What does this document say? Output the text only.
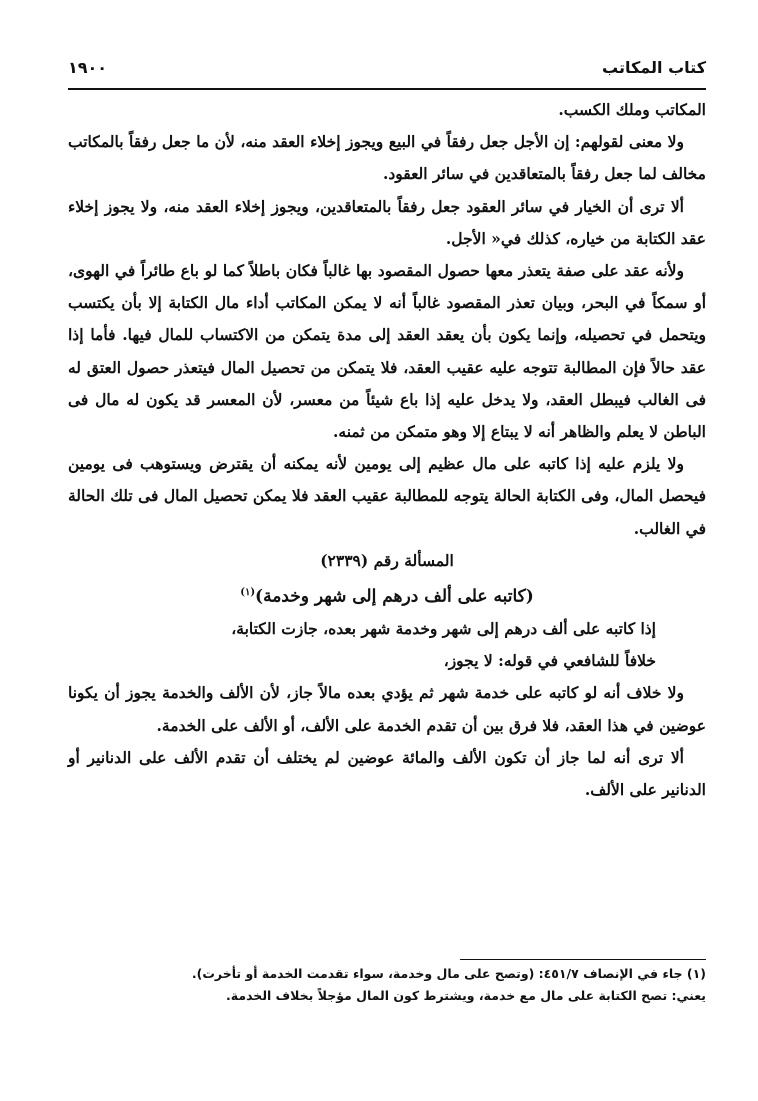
كتاب المكاتب
١٩٠٠

المكاتب وملك الكسب.

ولا معنى لقولهم: إن الأجل جعل رفقاً في البيع ويجوز إخلاء العقد منه، لأن ما جعل رفقاً بالمكاتب مخالف لما جعل رفقاً بالمتعاقدين في سائر العقود.

ألا ترى أن الخيار في سائر العقود جعل رفقاً بالمتعاقدين، ويجوز إخلاء العقد منه، ولا يجوز إخلاء عقد الكتابة من خياره، كذلك في« الأجل.

ولأنه عقد على صفة يتعذر معها حصول المقصود بها غالباً فكان باطلاً كما لو باع طائراً في الهوى، أو سمكاً في البحر، وبيان تعذر المقصود غالباً أنه لا يمكن المكاتب أداء مال الكتابة إلا بأن يكتسب ويتحمل في تحصيله، وإنما يكون بأن يعقد العقد إلى مدة يتمكن من الاكتساب للمال فيها. فأما إذا عقد حالاً فإن المطالبة تتوجه عليه عقيب العقد، فلا يتمكن من تحصيل المال فيتعذر حصول العتق له فى الغالب فيبطل العقد، ولا يدخل عليه إذا باع شيئاً من معسر، لأن المعسر قد يكون له مال فى الباطن لا يعلم والظاهر أنه لا يبتاع إلا وهو متمكن من ثمنه.

ولا يلزم عليه إذا كاتبه على مال عظيم إلى يومين لأنه يمكنه أن يقترض ويستوهب فى يومين فيحصل المال، وفى الكتابة الحالة يتوجه للمطالبة عقيب العقد فلا يمكن تحصيل المال فى تلك الحالة في الغالب.

المسألة رقم (٢٣٣٩)

(كاتبه على ألف درهم إلى شهر وخدمة)$^{(١)}$

إذا كاتبه على ألف درهم إلى شهر وخدمة شهر بعده، جازت الكتابة،

خلافاً للشافعي في قوله: لا يجوز،

ولا خلاف أنه لو كاتبه على خدمة شهر ثم يؤدي بعده مالاً جاز، لأن الألف والخدمة يجوز أن يكونا عوضين في هذا العقد، فلا فرق بين أن تقدم الخدمة على الألف، أو الألف على الخدمة.

ألا ترى أنه لما جاز أن تكون الألف والمائة عوضين لم يختلف أن تقدم الألف على الدنانير أو الدنانير على الألف.

(١) جاء في الإنصاف ٤٥١/٧: (وتصح على مال وخدمة، سواء تقدمت الخدمة أو تأخرت).

يعني: تصح الكتابة على مال مع خدمة، ويشترط كون المال مؤجلاً بخلاف الخدمة.
